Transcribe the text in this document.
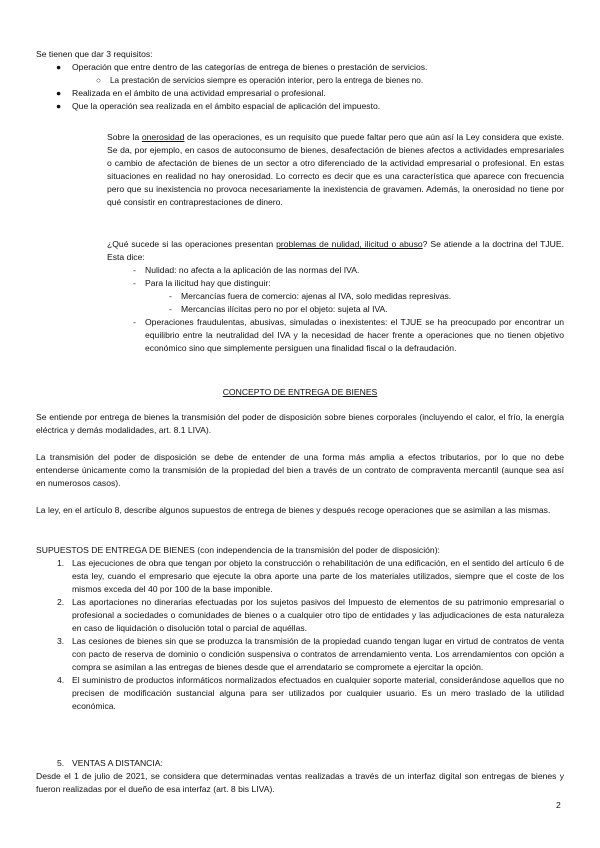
Se tienen que dar 3 requisitos:

● Operación que entre dentro de las categorías de entrega de bienes o prestación de servicios.
○ La prestación de servicios siempre es operación interior, pero la entrega de bienes no.
● Realizada en el ámbito de una actividad empresarial o profesional.
● Que la operación sea realizada en el ámbito espacial de aplicación del impuesto.

Sobre la onerosidad de las operaciones, es un requisito que puede faltar pero que aún así la Ley considera que existe. Se da, por ejemplo, en casos de autoconsumo de bienes, desafectación de bienes afectos a actividades empresariales o cambio de afectación de bienes de un sector a otro diferenciado de la actividad empresarial o profesional. En estas situaciones en realidad no hay onerosidad. Lo correcto es decir que es una característica que aparece con frecuencia pero que su inexistencia no provoca necesariamente la inexistencia de gravamen. Además, la onerosidad no tiene por qué consistir en contraprestaciones de dinero.

¿Qué sucede si las operaciones presentan problemas de nulidad, ilicitud o abuso? Se atiende a la doctrina del TJUE. Esta dice:

- Nulidad: no afecta a la aplicación de las normas del IVA.
- Para la ilicitud hay que distinguir:
- Mercancías fuera de comercio: ajenas al IVA, solo medidas represivas.
- Mercancías ilícitas pero no por el objeto: sujeta al IVA.
- Operaciones fraudulentas, abusivas, simuladas o inexistentes: el TJUE se ha preocupado por encontrar un equilibrio entre la neutralidad del IVA y la necesidad de hacer frente a operaciones que no tienen objetivo económico sino que simplemente persiguen una finalidad fiscal o la defraudación.

CONCEPTO DE ENTREGA DE BIENES

Se entiende por entrega de bienes la transmisión del poder de disposición sobre bienes corporales (incluyendo el calor, el frío, la energía eléctrica y demás modalidades, art. 8.1 LIVA).

La transmisión del poder de disposición se debe de entender de una forma más amplia a efectos tributarios, por lo que no debe entenderse únicamente como la transmisión de la propiedad del bien a través de un contrato de compraventa mercantil (aunque sea así en numerosos casos).

La ley, en el artículo 8, describe algunos supuestos de entrega de bienes y después recoge operaciones que se asimilan a las mismas.

SUPUESTOS DE ENTREGA DE BIENES (con independencia de la transmisión del poder de disposición):

1. Las ejecuciones de obra que tengan por objeto la construcción o rehabilitación de una edificación, en el sentido del artículo 6 de esta ley, cuando el empresario que ejecute la obra aporte una parte de los materiales utilizados, siempre que el coste de los mismos exceda del 40 por 100 de la base imponible.
2. Las aportaciones no dinerarias efectuadas por los sujetos pasivos del Impuesto de elementos de su patrimonio empresarial o profesional a sociedades o comunidades de bienes o a cualquier otro tipo de entidades y las adjudicaciones de esta naturaleza en caso de liquidación o disolución total o parcial de aquéllas.
3. Las cesiones de bienes sin que se produzca la transmisión de la propiedad cuando tengan lugar en virtud de contratos de venta con pacto de reserva de dominio o condición suspensiva o contratos de arrendamiento venta. Los arrendamientos con opción a compra se asimilan a las entregas de bienes desde que el arrendatario se compromete a ejercitar la opción.
4. El suministro de productos informáticos normalizados efectuados en cualquier soporte material, considerándose aquellos que no precisen de modificación sustancial alguna para ser utilizados por cualquier usuario. Es un mero traslado de la utilidad económica.

5. VENTAS A DISTANCIA:

Desde el 1 de julio de 2021, se considera que determinadas ventas realizadas a través de un interfaz digital son entregas de bienes y fueron realizadas por el dueño de esa interfaz (art. 8 bis LIVA).

2
